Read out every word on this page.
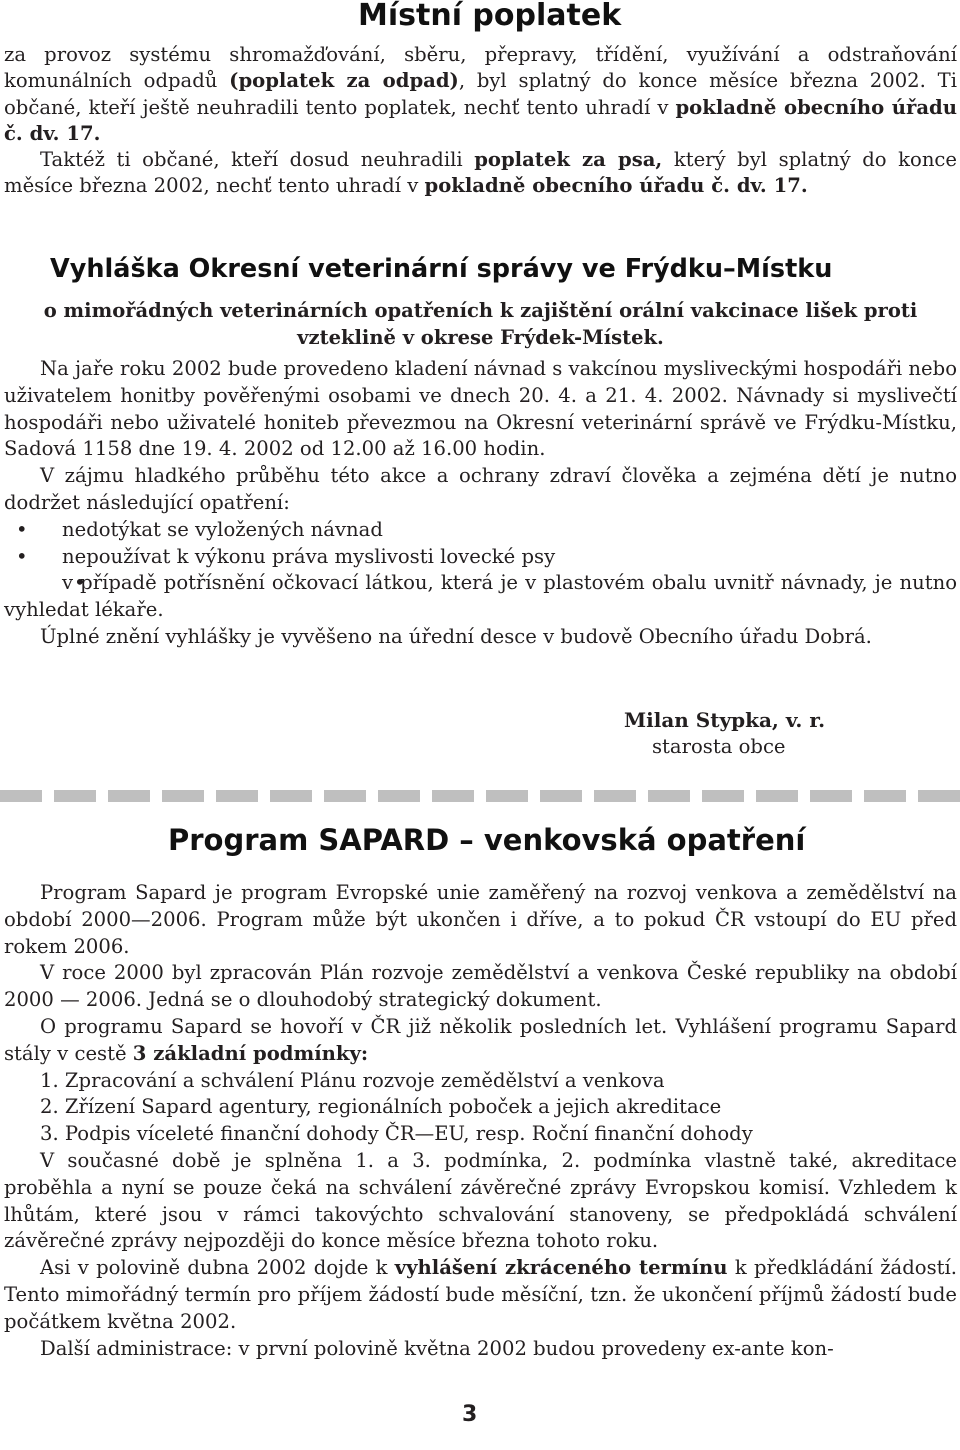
Místní poplatek

za provoz systému shromažďování, sběru, přepravy, třídění, využívání a odstraňování komunálních odpadů (poplatek za odpad), byl splatný do konce měsíce března 2002. Ti občané, kteří ještě neuhradili tento poplatek, nechť tento uhradí v pokladně obecního úřadu č. dv. 17.

Taktéž ti občané, kteří dosud neuhradili poplatek za psa, který byl splatný do konce měsíce března 2002, nechť tento uhradí v pokladně obecního úřadu č. dv. 17.

Vyhláška Okresní veterinární správy ve Frýdku–Místku
o mimořádných veterinárních opatřeních k zajištění orální vakcinace lišek proti vzteklině v okrese Frýdek-Místek.

Na jaře roku 2002 bude provedeno kladení návnad s vakcínou mysliveckými hospodáři nebo uživatelem honitby pověřenými osobami ve dnech 20. 4. a 21. 4. 2002. Návnady si myslivečtí hospodáři nebo uživatelé honiteb převezmou na Okresní veterinární správě ve Frýdku-Místku, Sadová 1158 dne 19. 4. 2002 od 12.00 až 16.00 hodin.

V zájmu hladkého průběhu této akce a ochrany zdraví člověka a zejména dětí je nutno dodržet následující opatření:

• nedotýkat se vyložených návnad
• nepoužívat k výkonu práva myslivosti lovecké psy
• v případě potřísnění očkovací látkou, která je v plastovém obalu uvnitř návnady, je nutno vyhledat lékaře.

Úplné znění vyhlášky je vyvěšeno na úřední desce v budově Obecního úřadu Dobrá.

Milan Stypka, v. r.
starosta obce
Program SAPARD – venkovská opatření

Program Sapard je program Evropské unie zaměřený na rozvoj venkova a zemědělství na období 2000—2006. Program může být ukončen i dříve, a to pokud ČR vstoupí do EU před rokem 2006.

V roce 2000 byl zpracován Plán rozvoje zemědělství a venkova České republiky na období 2000 — 2006. Jedná se o dlouhodobý strategický dokument.

O programu Sapard se hovoří v ČR již několik posledních let. Vyhlášení programu Sapard stály v cestě 3 základní podmínky:

1. Zpracování a schválení Plánu rozvoje zemědělství a venkova

2. Zřízení Sapard agentury, regionálních poboček a jejich akreditace

3. Podpis víceleté finanční dohody ČR—EU, resp. Roční finanční dohody

V současné době je splněna 1. a 3. podmínka, 2. podmínka vlastně také, akreditace proběhla a nyní se pouze čeká na schválení závěrečné zprávy Evropskou komisí. Vzhledem k lhůtám, které jsou v rámci takovýchto schvalování stanoveny, se předpokládá schválení závěrečné zprávy nejpozději do konce měsíce března tohoto roku.

Asi v polovině dubna 2002 dojde k vyhlášení zkráceného termínu k předkládání žádostí. Tento mimořádný termín pro příjem žádostí bude měsíční, tzn. že ukončení příjmů žádostí bude počátkem května 2002.

Další administrace: v první polovině května 2002 budou provedeny ex-ante kon-

3
